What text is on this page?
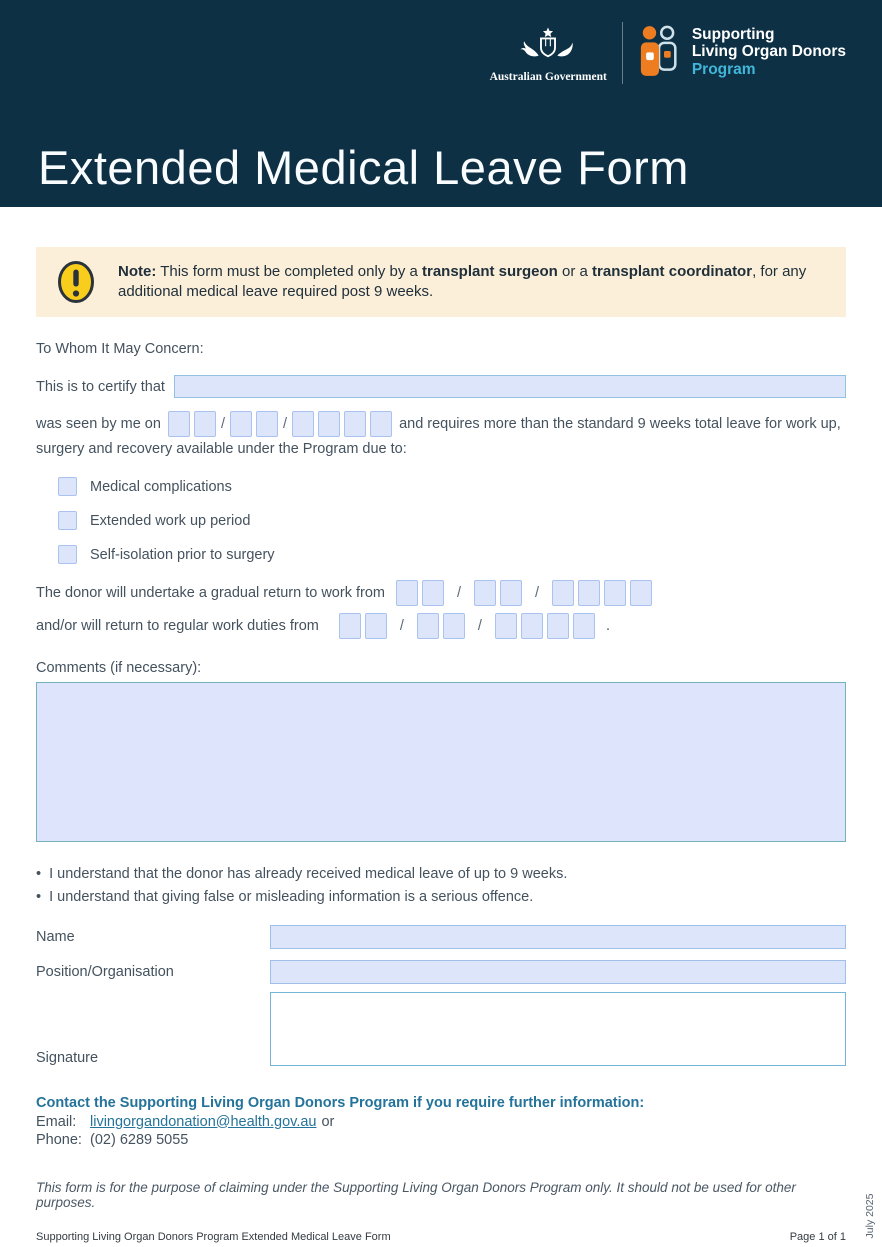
Australian Government
Supporting
Living Organ Donors
Program
Extended Medical Leave Form
Note: This form must be completed only by a transplant surgeon or a transplant coordinator, for any additional medical leave required post 9 weeks.
To Whom It May Concern:
This is to certify that
was seen by me on	/	/	and requires more than the standard 9 weeks total leave for work up, surgery and recovery available under the Program due to:
Medical complications
Extended work up period
Self-isolation prior to surgery
The donor will undertake a gradual return to work from	/	/
and/or will return to regular work duties from	/	/	.
Comments (if necessary):
• I understand that the donor has already received medical leave of up to 9 weeks.
• I understand that giving false or misleading information is a serious offence.
Name
Position/Organisation
Signature
Contact the Supporting Living Organ Donors Program if you require further information:
Email: livingorgandonation@health.gov.au or
Phone: (02) 6289 5055
This form is for the purpose of claiming under the Supporting Living Organ Donors Program only. It should not be used for other purposes.
Supporting Living Organ Donors Program Extended Medical Leave Form	Page 1 of 1 July 2025
